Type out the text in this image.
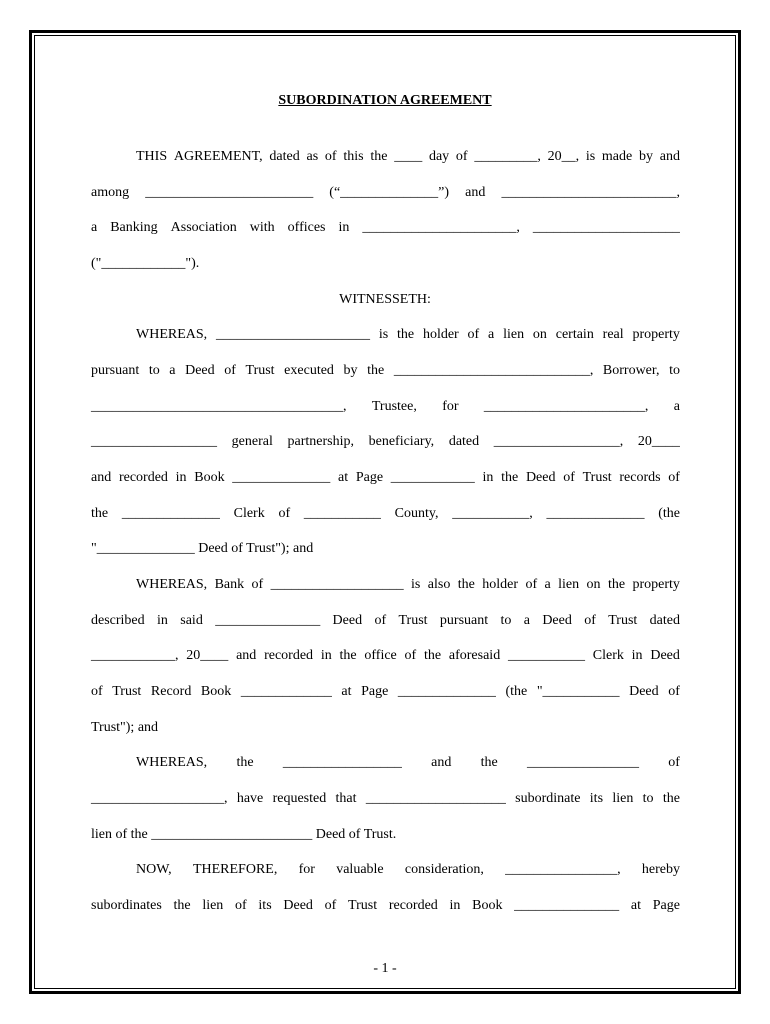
SUBORDINATION AGREEMENT
THIS AGREEMENT, dated as of this the ____ day of _________, 20__, is made by and
among ________________________ (“______________”) and _________________________,
a Banking Association with offices in ______________________, _____________________
("____________").
WITNESSETH:
WHEREAS, ______________________ is the holder of a lien on certain real property
pursuant to a Deed of Trust executed by the ____________________________, Borrower, to
____________________________________, Trustee, for _______________________, a
__________________ general partnership, beneficiary, dated __________________, 20____
and recorded in Book ______________ at Page ____________ in the Deed of Trust records of
the ______________ Clerk of ___________ County, ___________, ______________ (the
"______________ Deed of Trust"); and
WHEREAS, Bank of ___________________ is also the holder of a lien on the property
described in said _______________ Deed of Trust pursuant to a Deed of Trust dated
____________, 20____ and recorded in the office of the aforesaid ___________ Clerk in Deed
of Trust Record Book _____________ at Page ______________ (the "___________ Deed of
Trust"); and
WHEREAS, the _________________ and the ________________ of
___________________, have requested that ____________________ subordinate its lien to the
lien of the _______________________ Deed of Trust.
NOW, THEREFORE, for valuable consideration, ________________, hereby
subordinates the lien of its Deed of Trust recorded in Book _______________ at Page
- 1 -
